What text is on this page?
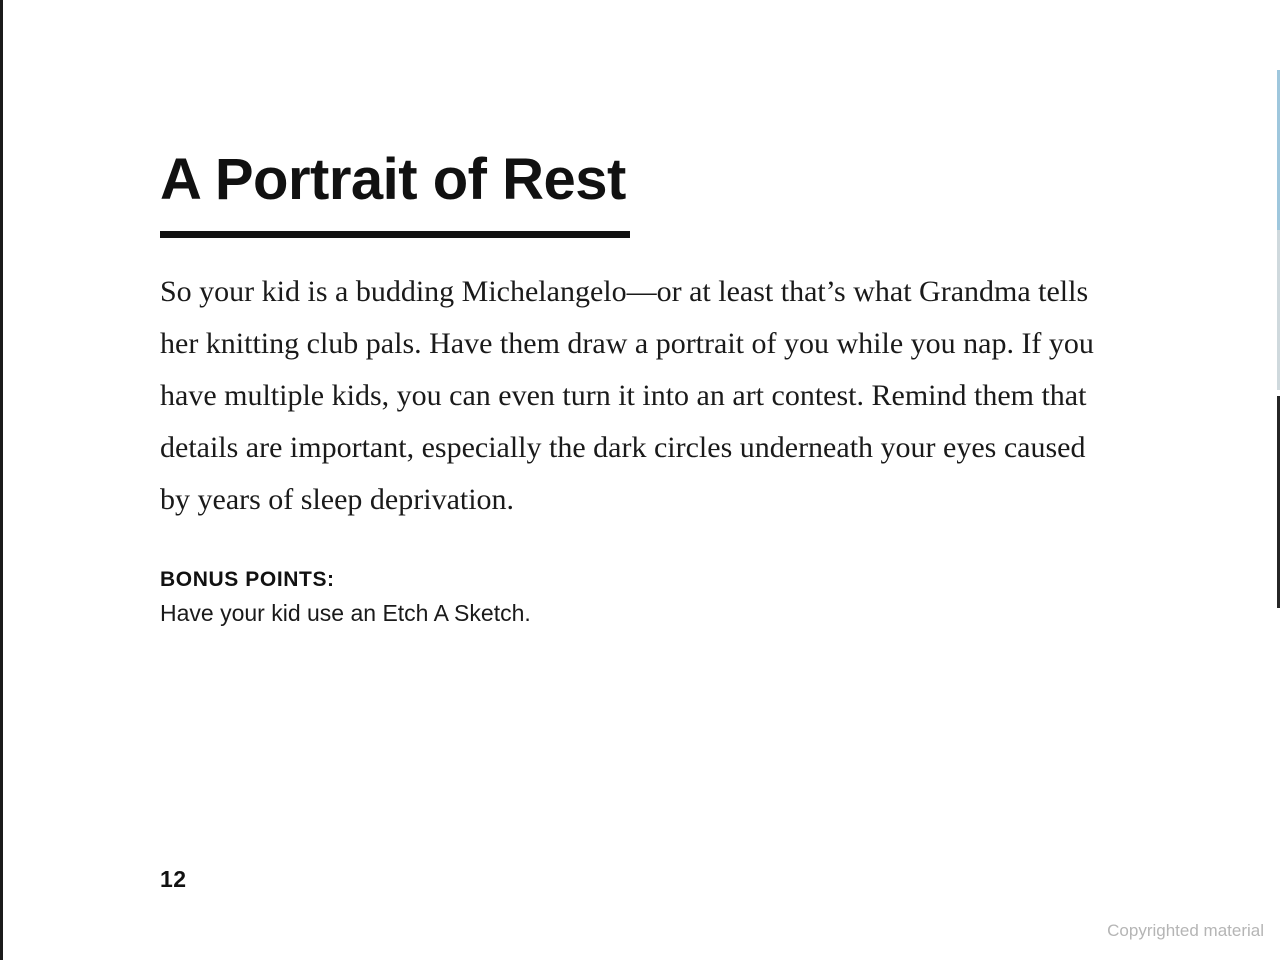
A Portrait of Rest

So your kid is a budding Michelangelo—or at least that’s what Grandma tells her knitting club pals. Have them draw a portrait of you while you nap. If you have multiple kids, you can even turn it into an art contest. Remind them that details are important, especially the dark circles underneath your eyes caused by years of sleep deprivation.

BONUS POINTS:

Have your kid use an Etch A Sketch.

12
Copyrighted material
